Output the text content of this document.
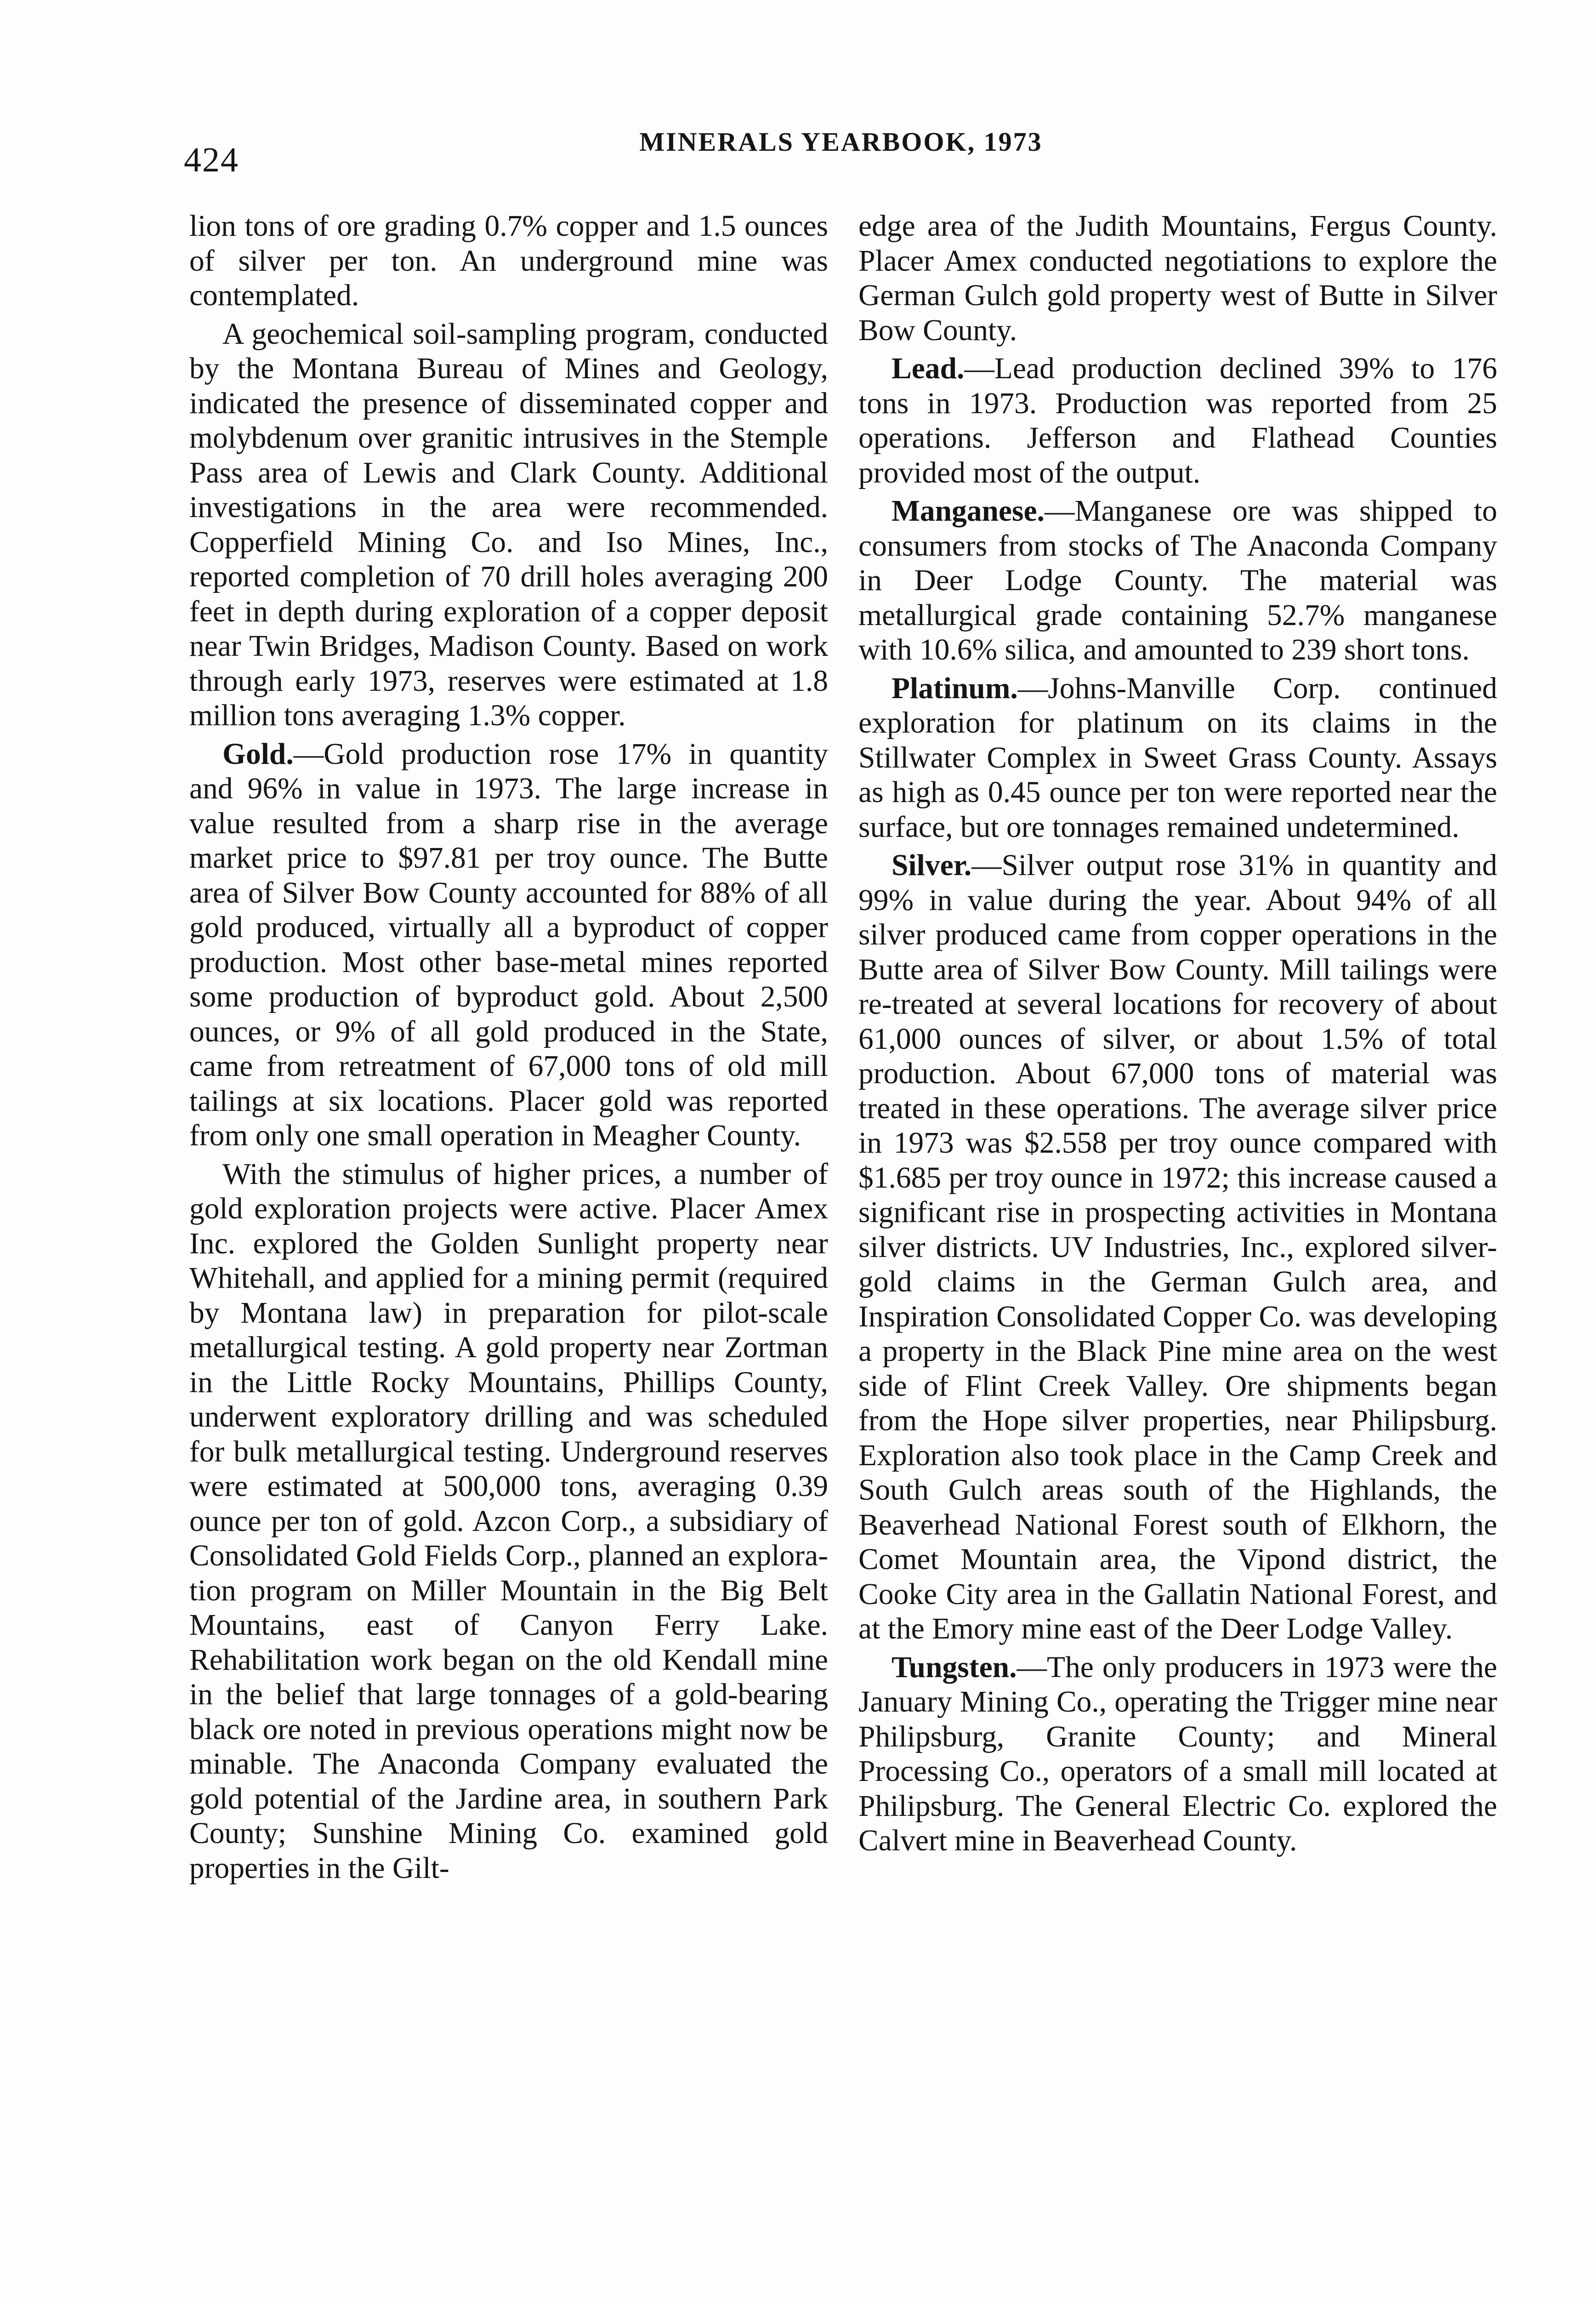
424	MINERALS YEARBOOK, 1973

lion tons of ore grading 0.7% copper and 1.5 ounces of silver per ton. An underground mine was contemplated.

A geochemical soil-sampling program, conducted by the Montana Bureau of Mines and Geology, indicated the presence of disseminated copper and molybdenum over granitic intrusives in the Stemple Pass area of Lewis and Clark County. Additional investigations in the area were recommended. Copperfield Mining Co. and Iso Mines, Inc., reported completion of 70 drill holes averaging 200 feet in depth during exploration of a copper deposit near Twin Bridges, Madison County. Based on work through early 1973, reserves were estimated at 1.8 million tons averaging 1.3% copper.

Gold.—Gold production rose 17% in quantity and 96% in value in 1973. The large increase in value resulted from a sharp rise in the average market price to $97.81 per troy ounce. The Butte area of Silver Bow County accounted for 88% of all gold produced, virtually all a byproduct of copper production. Most other base-metal mines reported some production of byproduct gold. About 2,500 ounces, or 9% of all gold produced in the State, came from retreatment of 67,000 tons of old mill tailings at six locations. Placer gold was reported from only one small operation in Meagher County.

With the stimulus of higher prices, a number of gold exploration projects were active. Placer Amex Inc. explored the Golden Sunlight property near Whitehall, and applied for a mining permit (required by Montana law) in preparation for pilot-scale metallurgical testing. A gold property near Zortman in the Little Rocky Mountains, Phillips County, underwent exploratory drilling and was scheduled for bulk metallurgical testing. Underground reserves were estimated at 500,000 tons, averaging 0.39 ounce per ton of gold. Azcon Corp., a subsidiary of Consolidated Gold Fields Corp., planned an exploration program on Miller Mountain in the Big Belt Mountains, east of Canyon Ferry Lake. Rehabilitation work began on the old Kendall mine in the belief that large tonnages of a gold-bearing black ore noted in previous operations might now be minable. The Anaconda Company evaluated the gold potential of the Jardine area, in southern Park County; Sunshine Mining Co. examined gold properties in the Gilt-

edge area of the Judith Mountains, Fergus County. Placer Amex conducted negotiations to explore the German Gulch gold property west of Butte in Silver Bow County.

Lead.—Lead production declined 39% to 176 tons in 1973. Production was reported from 25 operations. Jefferson and Flathead Counties provided most of the output.

Manganese.—Manganese ore was shipped to consumers from stocks of The Anaconda Company in Deer Lodge County. The material was metallurgical grade containing 52.7% manganese with 10.6% silica, and amounted to 239 short tons.

Platinum.—Johns-Manville Corp. continued exploration for platinum on its claims in the Stillwater Complex in Sweet Grass County. Assays as high as 0.45 ounce per ton were reported near the surface, but ore tonnages remained undetermined.

Silver.—Silver output rose 31% in quantity and 99% in value during the year. About 94% of all silver produced came from copper operations in the Butte area of Silver Bow County. Mill tailings were re-treated at several locations for recovery of about 61,000 ounces of silver, or about 1.5% of total production. About 67,000 tons of material was treated in these operations. The average silver price in 1973 was $2.558 per troy ounce compared with $1.685 per troy ounce in 1972; this increase caused a significant rise in prospecting activities in Montana silver districts. UV Industries, Inc., explored silver-gold claims in the German Gulch area, and Inspiration Consolidated Copper Co. was developing a property in the Black Pine mine area on the west side of Flint Creek Valley. Ore shipments began from the Hope silver properties, near Philipsburg. Exploration also took place in the Camp Creek and South Gulch areas south of the Highlands, the Beaverhead National Forest south of Elkhorn, the Comet Mountain area, the Vipond district, the Cooke City area in the Gallatin National Forest, and at the Emory mine east of the Deer Lodge Valley.

Tungsten.—The only producers in 1973 were the January Mining Co., operating the Trigger mine near Philipsburg, Granite County; and Mineral Processing Co., operators of a small mill located at Philipsburg. The General Electric Co. explored the Calvert mine in Beaverhead County.
